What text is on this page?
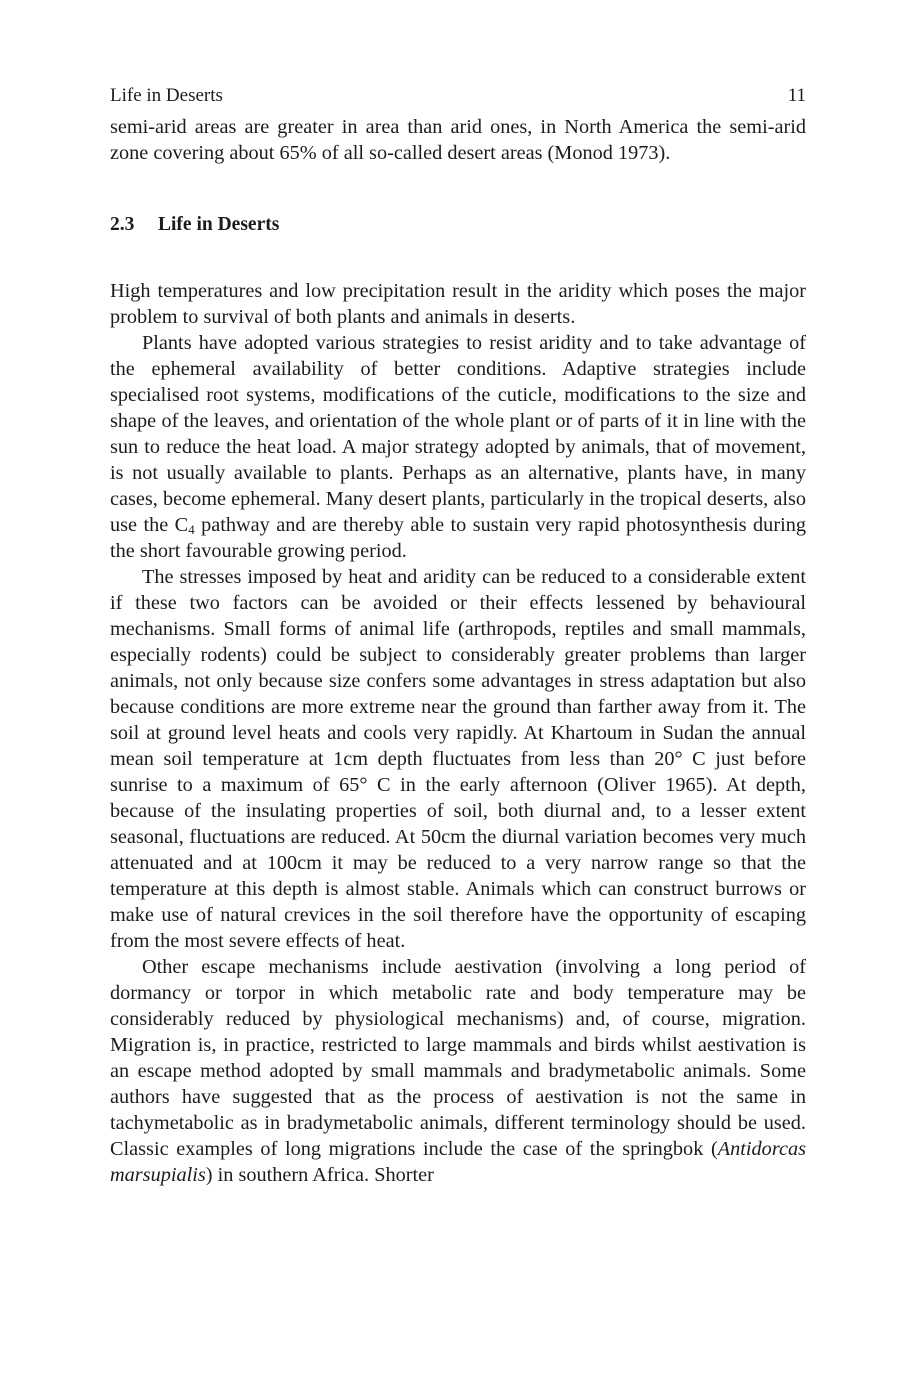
Life in Deserts	11

semi-arid areas are greater in area than arid ones, in North America the semi-arid zone covering about 65% of all so-called desert areas (Monod 1973).

2.3 Life in Deserts

High temperatures and low precipitation result in the aridity which poses the major problem to survival of both plants and animals in deserts.

Plants have adopted various strategies to resist aridity and to take advantage of the ephemeral availability of better conditions. Adaptive strategies include specialised root systems, modifications of the cuticle, modifications to the size and shape of the leaves, and orientation of the whole plant or of parts of it in line with the sun to reduce the heat load. A major strategy adopted by animals, that of movement, is not usually available to plants. Perhaps as an alternative, plants have, in many cases, become ephemeral. Many desert plants, particularly in the tropical deserts, also use the $C_4$ pathway and are thereby able to sustain very rapid photosynthesis during the short favourable growing period.

The stresses imposed by heat and aridity can be reduced to a considerable extent if these two factors can be avoided or their effects lessened by behavioural mechanisms. Small forms of animal life (arthropods, reptiles and small mammals, especially rodents) could be subject to considerably greater problems than larger animals, not only because size confers some advantages in stress adaptation but also because conditions are more extreme near the ground than farther away from it. The soil at ground level heats and cools very rapidly. At Khartoum in Sudan the annual mean soil temperature at 1cm depth fluctuates from less than 20° C just before sunrise to a maximum of 65° C in the early afternoon (Oliver 1965). At depth, because of the insulating properties of soil, both diurnal and, to a lesser extent seasonal, fluctuations are reduced. At 50cm the diurnal variation becomes very much attenuated and at 100cm it may be reduced to a very narrow range so that the temperature at this depth is almost stable. Animals which can construct burrows or make use of natural crevices in the soil therefore have the opportunity of escaping from the most severe effects of heat.

Other escape mechanisms include aestivation (involving a long period of dormancy or torpor in which metabolic rate and body temperature may be considerably reduced by physiological mechanisms) and, of course, migration. Migration is, in practice, restricted to large mammals and birds whilst aestivation is an escape method adopted by small mammals and bradymetabolic animals. Some authors have suggested that as the process of aestivation is not the same in tachymetabolic as in bradymetabolic animals, different terminology should be used. Classic examples of long migrations include the case of the springbok (Antidorcas marsupialis) in southern Africa. Shorter
